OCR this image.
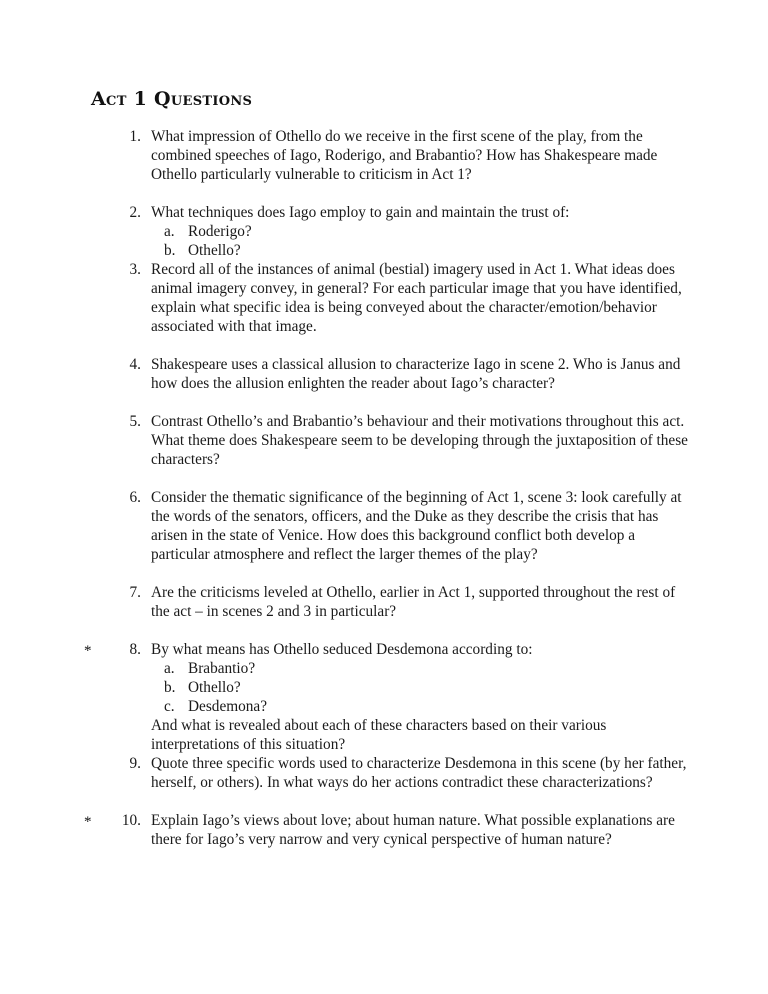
Act 1 Questions
1. What impression of Othello do we receive in the first scene of the play, from the combined speeches of Iago, Roderigo, and Brabantio? How has Shakespeare made Othello particularly vulnerable to criticism in Act 1?

2. What techniques does Iago employ to gain and maintain the trust of:

a. Roderigo?
b. Othello?
3. Record all of the instances of animal (bestial) imagery used in Act 1. What ideas does animal imagery convey, in general? For each particular image that you have identified, explain what specific idea is being conveyed about the character/emotion/behavior associated with that image.

4. Shakespeare uses a classical allusion to characterize Iago in scene 2. Who is Janus and how does the allusion enlighten the reader about Iago’s character?

5. Contrast Othello’s and Brabantio’s behaviour and their motivations throughout this act. What theme does Shakespeare seem to be developing through the juxtaposition of these characters?

6. Consider the thematic significance of the beginning of Act 1, scene 3: look carefully at the words of the senators, officers, and the Duke as they describe the crisis that has arisen in the state of Venice. How does this background conflict both develop a particular atmosphere and reflect the larger themes of the play?

7. Are the criticisms leveled at Othello, earlier in Act 1, supported throughout the rest of the act – in scenes 2 and 3 in particular?

*	8. By what means has Othello seduced Desdemona according to:

a. Brabantio?
b. Othello?
c. Desdemona?

And what is revealed about each of these characters based on their various interpretations of this situation?

9. Quote three specific words used to characterize Desdemona in this scene (by her father, herself, or others). In what ways do her actions contradict these characterizations?

*	10. Explain Iago’s views about love; about human nature. What possible explanations are there for Iago’s very narrow and very cynical perspective of human nature?
